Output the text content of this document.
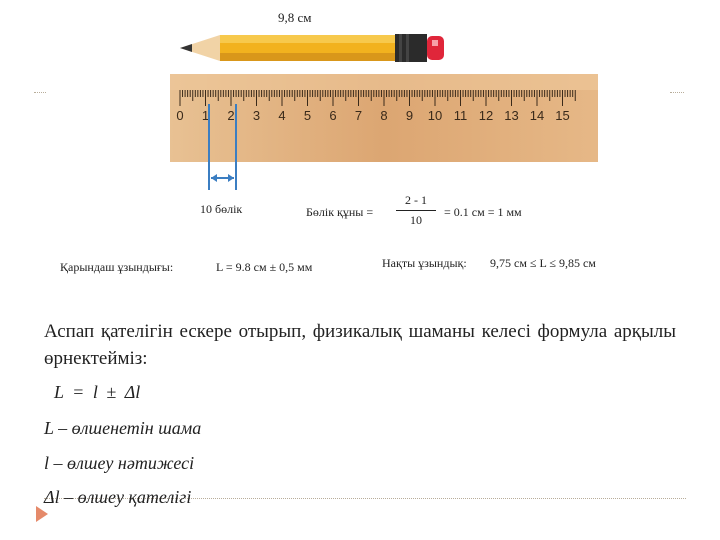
9,8 см
0 1 2 3 4 5 6 7 8 9 10 11 12 13 14 15
10 бөлік	Бөлік құны = $\frac{2 - 1}{10} = 0.1$ см = 1 мм
Қарындаш ұзындығы:	L = 9.8 см ± 0,5 мм	Нақты ұзындық: 9,75 см ≤ L ≤ 9,85 см
Аспап қателігін ескере отырып, физикалық шаманы келесі формула арқылы өрнектейміз:
L = l ± Δl
L – өлшенетін шама
l – өлшеу нәтижесі
Δl – өлшеу қателігі
